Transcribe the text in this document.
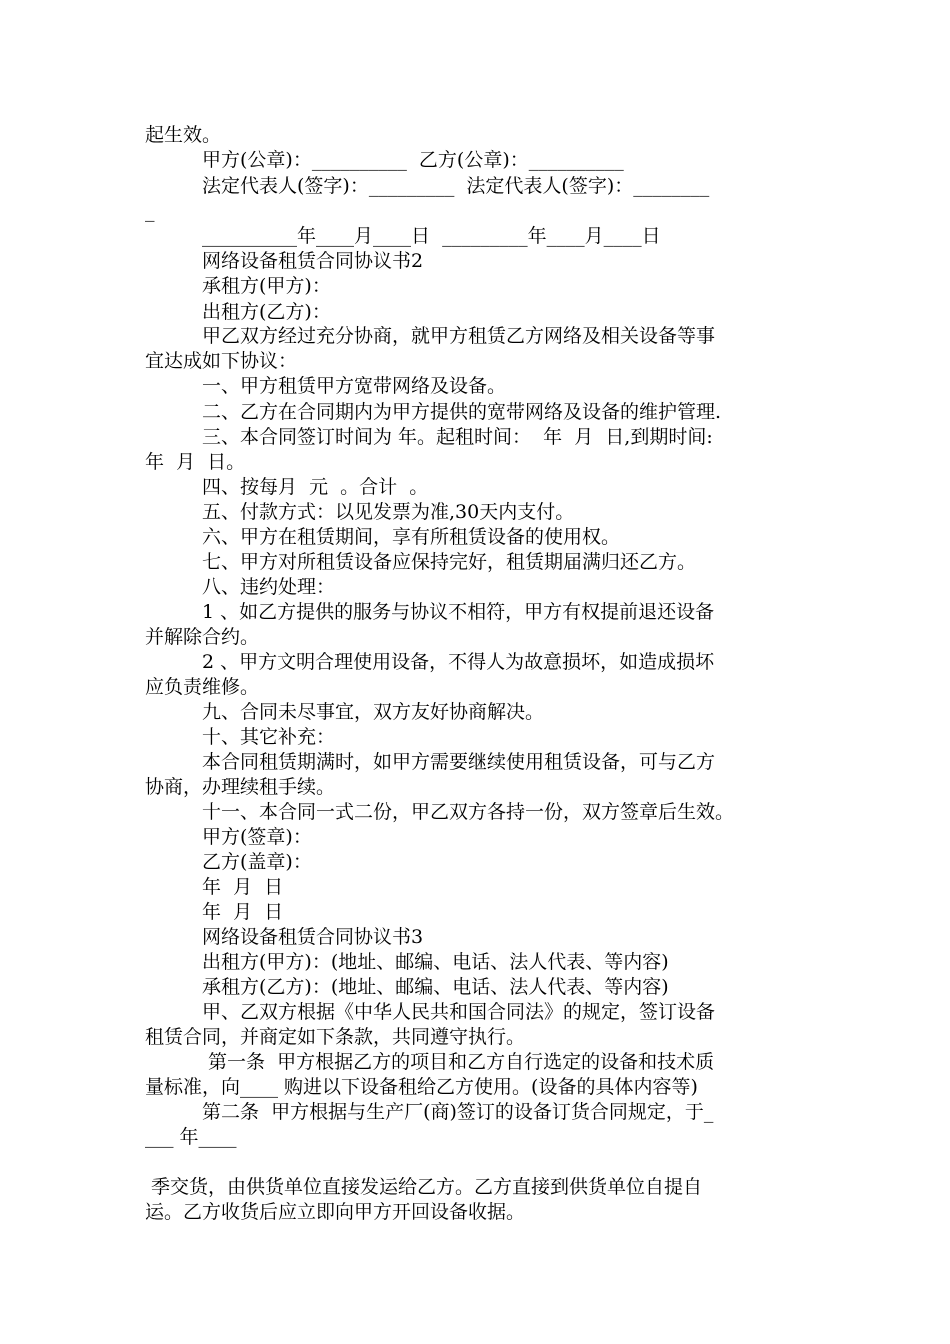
起生效。
甲方(公章)：__________  乙方(公章)：__________
法定代表人(签字)：_________  法定代表人(签字)：________
_
__________年____月____日  _________年____月____日
网络设备租赁合同协议书2
承租方(甲方)：
出租方(乙方)：
甲乙双方经过充分协商，就甲方租赁乙方网络及相关设备等事
宜达成如下协议：
一、甲方租赁甲方宽带网络及设备。
二、乙方在合同期内为甲方提供的宽带网络及设备的维护管理.
三、本合同签订时间为 年。起租时间：  年  月  日,到期时间:
年  月  日。
四、按每月  元  。合计  。
五、付款方式：以见发票为准,30天内支付。
六、甲方在租赁期间，享有所租赁设备的使用权。
七、甲方对所租赁设备应保持完好，租赁期届满归还乙方。
八、违约处理：
1 、如乙方提供的服务与协议不相符，甲方有权提前退还设备
并解除合约。
2 、甲方文明合理使用设备，不得人为故意损坏，如造成损坏
应负责维修。
九、合同未尽事宜，双方友好协商解决。
十、其它补充：
本合同租赁期满时，如甲方需要继续使用租赁设备，可与乙方
协商，办理续租手续。
十一、本合同一式二份，甲乙双方各持一份，双方签章后生效。
甲方(签章)：
乙方(盖章)：
年  月  日
年  月  日
网络设备租赁合同协议书3
出租方(甲方)：(地址、邮编、电话、法人代表、等内容)
承租方(乙方)：(地址、邮编、电话、法人代表、等内容)
甲、乙双方根据《中华人民共和国合同法》的规定，签订设备
租赁合同，并商定如下条款，共同遵守执行。
第一条  甲方根据乙方的项目和乙方自行选定的设备和技术质
量标准，向____ 购进以下设备租给乙方使用。(设备的具体内容等)
第二条  甲方根据与生产厂(商)签订的设备订货合同规定，于_
___ 年____
季交货，由供货单位直接发运给乙方。乙方直接到供货单位自提自
运。乙方收货后应立即向甲方开回设备收据。
